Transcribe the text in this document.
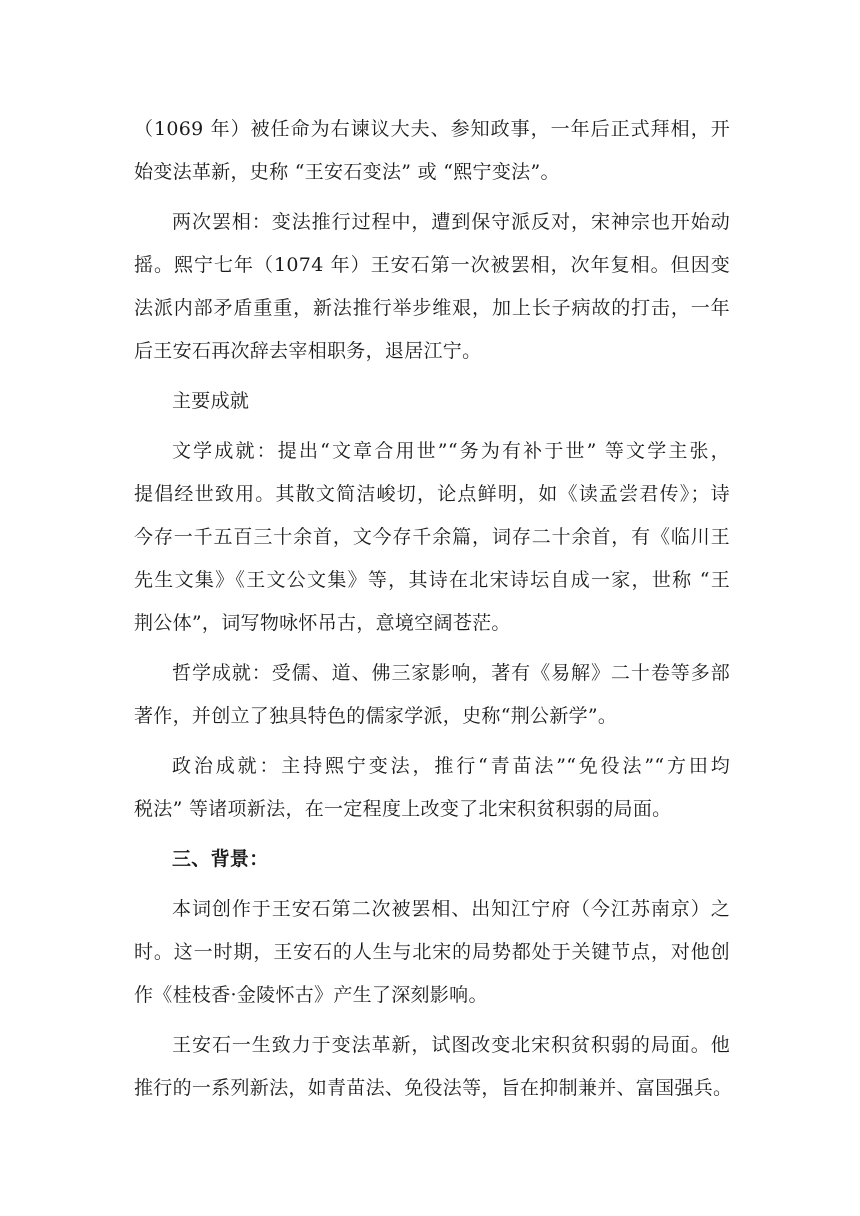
（1069 年）被任命为右谏议大夫、参知政事，一年后正式拜相，开
始变法革新，史称 “王安石变法” 或 “熙宁变法”。
两次罢相：变法推行过程中，遭到保守派反对，宋神宗也开始动
摇。熙宁七年（1074 年）王安石第一次被罢相，次年复相。但因变
法派内部矛盾重重，新法推行举步维艰，加上长子病故的打击，一年
后王安石再次辞去宰相职务，退居江宁。
主要成就
文学成就：提出“文章合用世”“务为有补于世” 等文学主张，
提倡经世致用。其散文简洁峻切，论点鲜明，如《读孟尝君传》；诗
今存一千五百三十余首，文今存千余篇，词存二十余首，有《临川王
先生文集》《王文公文集》等，其诗在北宋诗坛自成一家，世称 “王
荆公体”，词写物咏怀吊古，意境空阔苍茫。
哲学成就：受儒、道、佛三家影响，著有《易解》二十卷等多部
著作，并创立了独具特色的儒家学派，史称“荆公新学”。
政治成就：主持熙宁变法，推行“青苗法”“免役法”“方田均
税法” 等诸项新法，在一定程度上改变了北宋积贫积弱的局面。
三、背景：
本词创作于王安石第二次被罢相、出知江宁府（今江苏南京）之
时。这一时期，王安石的人生与北宋的局势都处于关键节点，对他创
作《桂枝香·金陵怀古》产生了深刻影响。
王安石一生致力于变法革新，试图改变北宋积贫积弱的局面。他
推行的一系列新法，如青苗法、免役法等，旨在抑制兼并、富国强兵。
